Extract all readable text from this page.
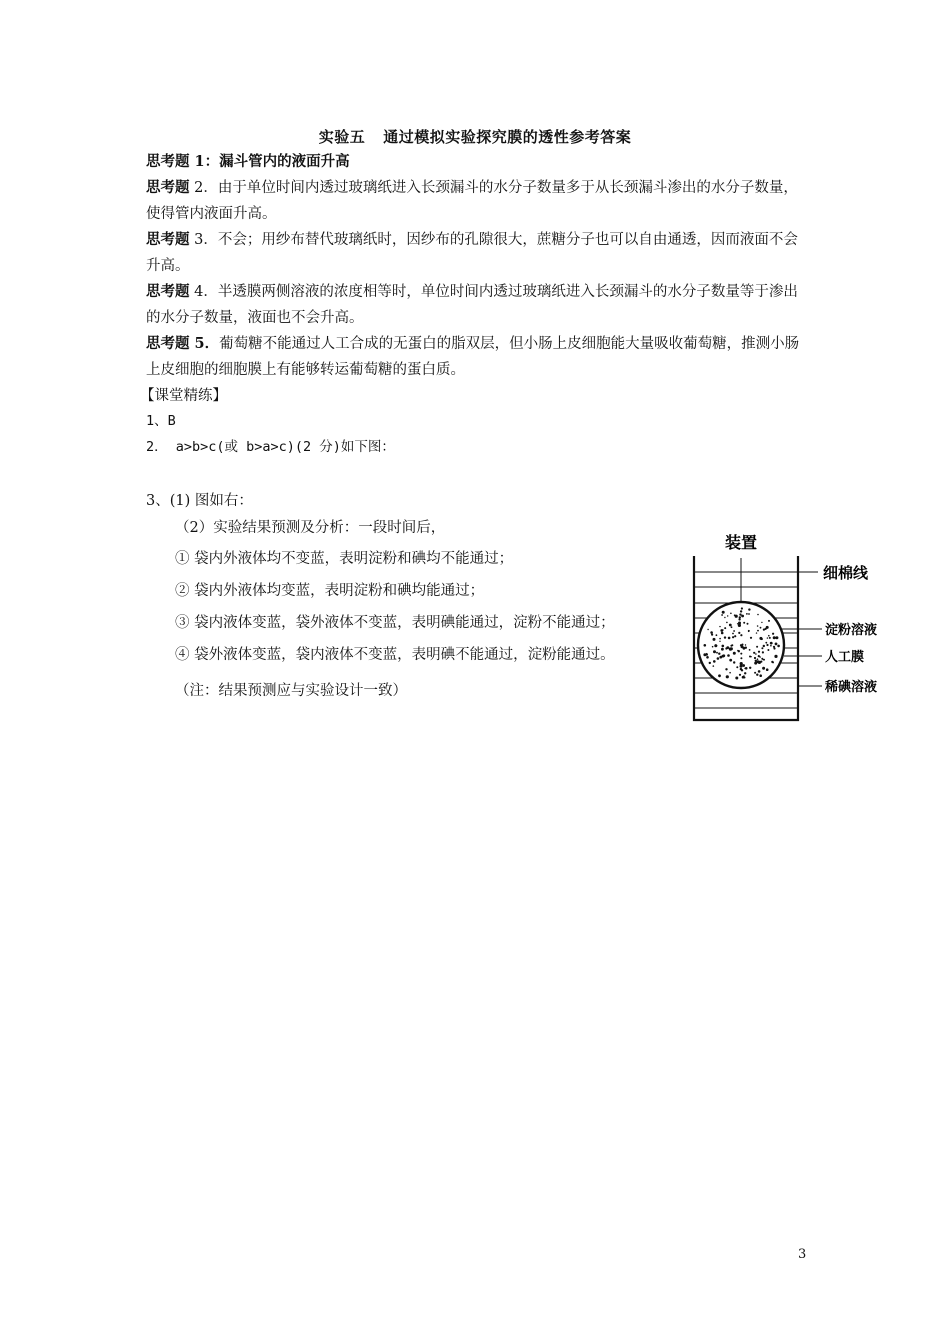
实验五 通过模拟实验探究膜的透性参考答案
思考题 1：漏斗管内的液面升高
思考题 2．由于单位时间内透过玻璃纸进入长颈漏斗的水分子数量多于从长颈漏斗渗出的水分子数量，使得管内液面升高。
思考题 3．不会；用纱布替代玻璃纸时，因纱布的孔隙很大，蔗糖分子也可以自由通透，因而液面不会升高。
思考题 4．半透膜两侧溶液的浓度相等时，单位时间内透过玻璃纸进入长颈漏斗的水分子数量等于渗出的水分子数量，液面也不会升高。
思考题 5．葡萄糖不能通过人工合成的无蛋白的脂双层，但小肠上皮细胞能大量吸收葡萄糖，推测小肠上皮细胞的细胞膜上有能够转运葡萄糖的蛋白质。
【课堂精练】
1、B
2． a>b>c(或 b>a>c)(2 分)如下图：
3、(1) 图如右：
（2）实验结果预测及分析：一段时间后，
① 袋内外液体均不变蓝，表明淀粉和碘均不能通过；
② 袋内外液体均变蓝，表明淀粉和碘均能通过；
③ 袋内液体变蓝，袋外液体不变蓝，表明碘能通过，淀粉不能通过；
④ 袋外液体变蓝，袋内液体不变蓝，表明碘不能通过，淀粉能通过。
（注：结果预测应与实验设计一致）
装置
细棉线
淀粉溶液
人工膜
稀碘溶液
3
